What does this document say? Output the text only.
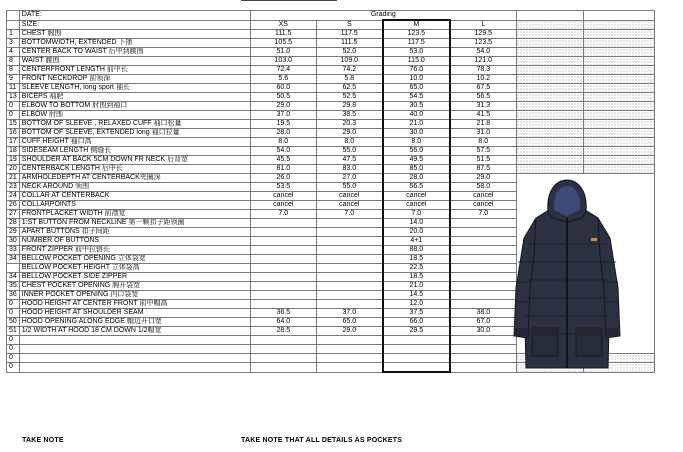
	DATE:	Grading					
	SIZE:	XS	S	M	L		
1	CHEST 胸围	111.5	117.5	123.5	129.5		
3	BOTTOMWIDTH, EXTENDED 下摆	105.5	111.5	117.5	123.5		
4	CENTER BACK TO WAIST 后中到腰围	51.0	52.0	53.0	54.0		
8	WAIST 腰围	103.0	109.0	115.0	121.0		
8	CENTERFRONT LENGTH 前中长	72.4	74.2	76.0	78.3		
9	FRONT NECKDROP 前领深	5.6	5.8	10.0	10.2		
11	SLEEVE LENGTH, long sport 袖长	60.0	62.5	65.0	67.5		
13	BICEPS 袖肥	50.5	52.5	54.5	56.5		
0	ELBOW TO BOTTOM 肘围到袖口	29.0	29.8	30.5	31.3		
0	ELBOW 肘围	37.0	38.5	40.0	41.5		
15	BOTTOM OF SLEEVE , RELAXED CUFF 袖口松量	19.5	20.3	21.0	21.8		
16	BOTTOM OF SLEEVE, EXTENDED long 袖口拉量	28.0	29.0	30.0	31.0		
17	CUFF HEIGHT 袖口高	8.0	8.0	8.0	8.0		
18	SIDESEAM LENGTH 侧缝长	54.0	55.0	56.0	57.5		
19	SHOULDER AT BACK 5CM DOWN FR NECK 后背宽	45.5	47.5	49.5	51.5		
20	CENTERBACK LENGTH 后中长	81.0	83.0	85.0	87.5		
21	ARMHOLEDEPTH AT CENTERBACK夹圈深	26.0	27.0	28.0	29.0		
23	NECK AROUND 领围	53.5	55.0	56.5	58.0		
24	COLLAR AT CENTERBACK	cancel	cancel	cancel	cancel		
26	COLLARPOINTS	cancel	cancel	cancel	cancel		
27	FRONTPLACKET WIDTH 前襟宽	7.0	7.0	7.0	7.0		
28	1:ST BUTTON FROM NECKLINE 第一颗扣子距领圈			14.0			
29	APART BUTTONS 扣子间距			20.0			
30	NUMBER OF BUTTONS			4+1			
33	FRONT ZIPPER 前中拉链长			88.0			
34	BELLOW POCKET OPENING 立体袋宽			18.5			
	BELLOW POCKET HEIGHT 立体袋高			22.5			
34	BELLOW POCKET SIDE ZIPPER			18.5			
35	CHEST POCKET OPENING 胸开袋宽			21.0			
36	INNER POCKET OPENING 内口袋宽			14.5			
0	HOOD HEIGHT AT CENTER FRONT 前中帽高			12.0			
0	HOOD HEIGHT AT SHOULDER SEAM	36.5	37.0	37.5	38.0		
50	HOOD OPENING ALONG EDGE 帽边开口宽	64.0	65.0	66.0	67.0		
51	1/2 WIDTH AT HOOD 18 CM DOWN 1/2帽宽	28.5	29.0	29.5	30.0		
0							
0							
0							
0							
TAKE NOTE	TAKE NOTE THAT ALL DETAILS AS POCKETS
